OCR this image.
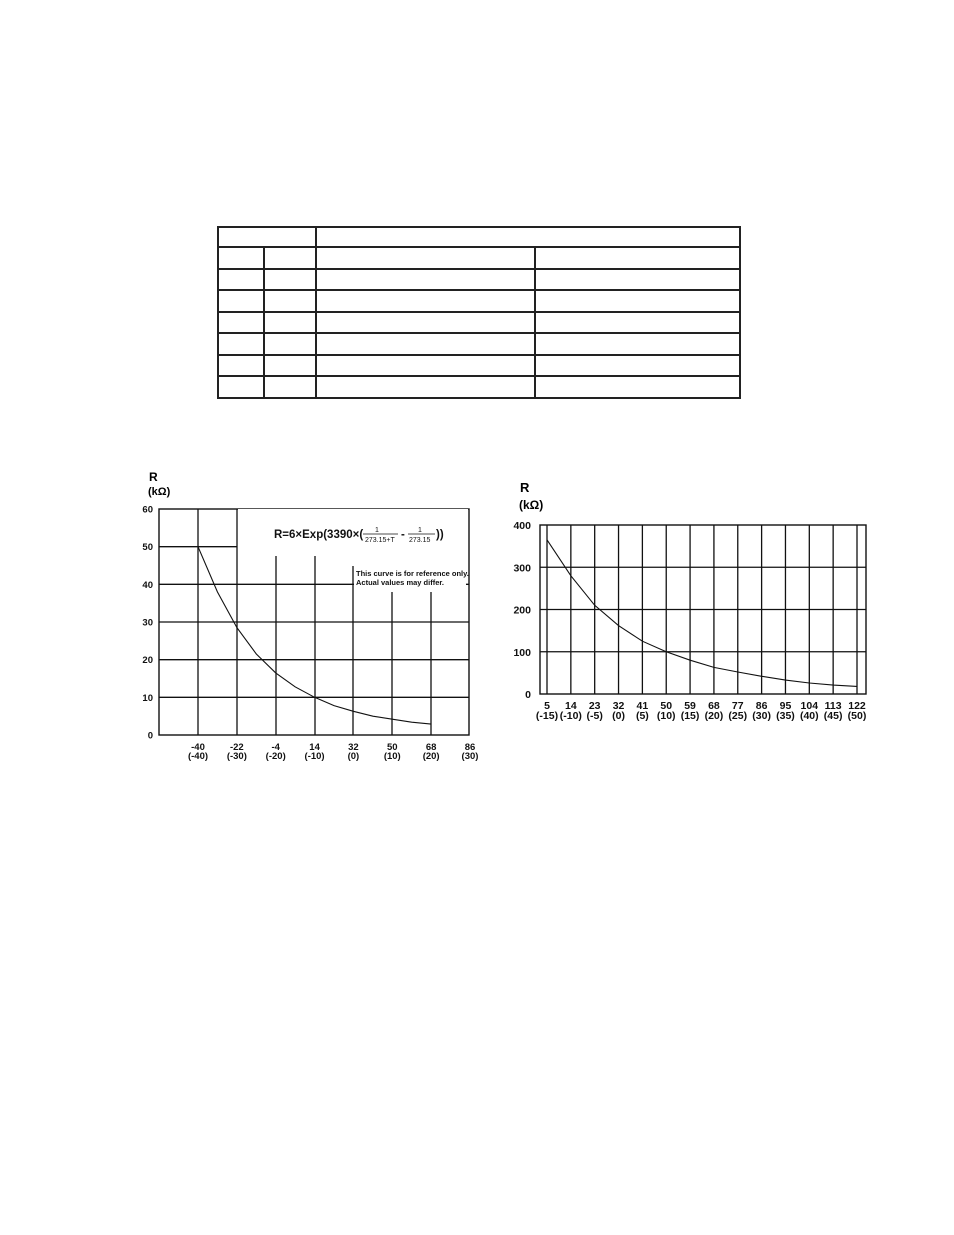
R
(kΩ)
60
50
40
30
20
10
0
-40
(-40)
-22
(-30)
-4
(-20)
14
(-10)
32
(0)
50
(10)
68
(20)
86
(30)
R=6×Exp(3390×( 1
273.15+T - 1
273.15 ))
This curve is for reference only.
Actual values may differ.
R
(kΩ)
400
300
200
100
0
5
(-15)
14
(-10)
23
(-5)
32
(0)
41
(5)
50
(10)
59
(15)
68
(20)
77
(25)
86
(30)
95
(35)
104
(40)
113
(45)
122
(50)
